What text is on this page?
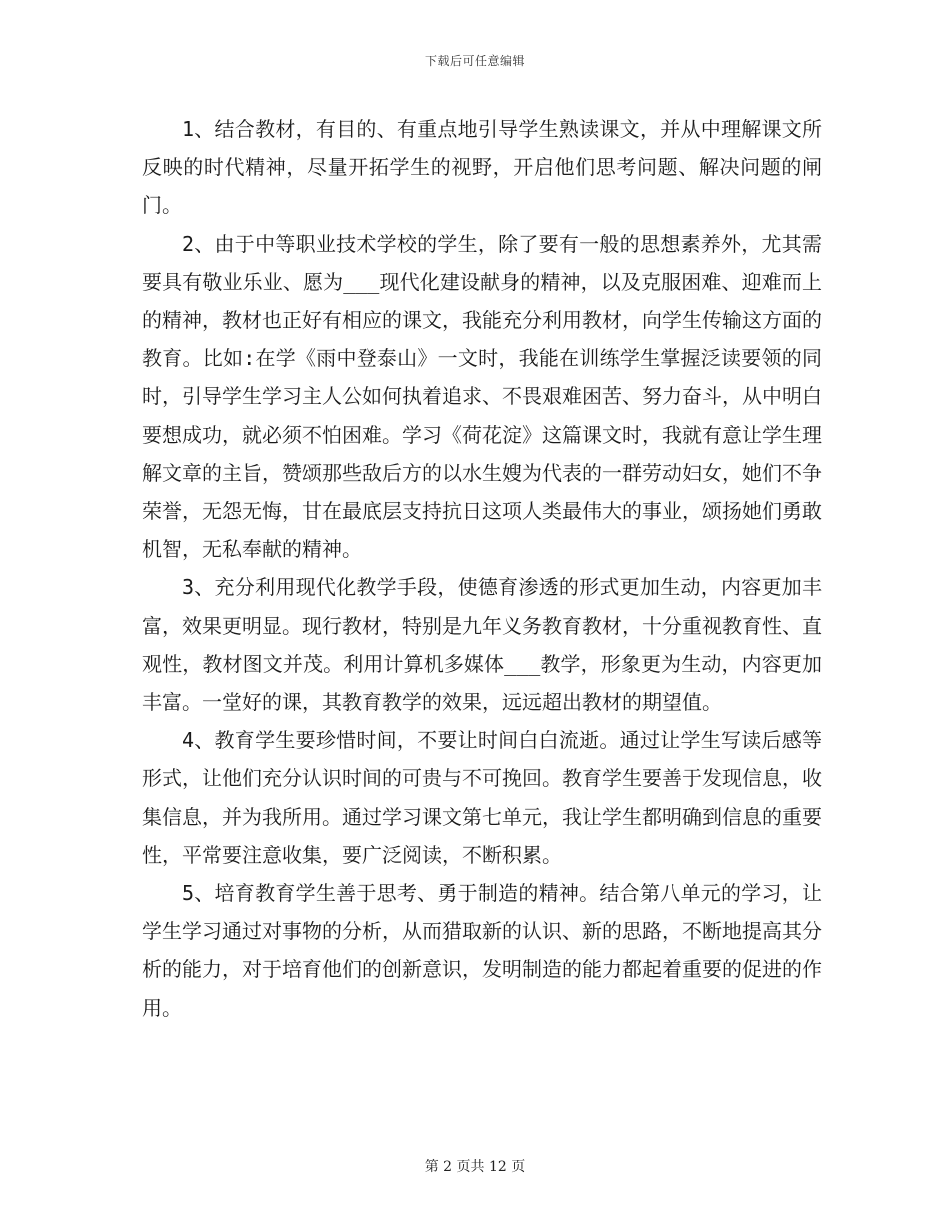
下载后可任意编辑

1、结合教材，有目的、有重点地引导学生熟读课文，并从中理解课文所反映的时代精神，尽量开拓学生的视野，开启他们思考问题、解决问题的闸门。

2、由于中等职业技术学校的学生，除了要有一般的思想素养外，尤其需要具有敬业乐业、愿为___现代化建设献身的精神，以及克服困难、迎难而上的精神，教材也正好有相应的课文，我能充分利用教材，向学生传输这方面的教育。比如:在学《雨中登泰山》一文时，我能在训练学生掌握泛读要领的同时，引导学生学习主人公如何执着追求、不畏艰难困苦、努力奋斗，从中明白要想成功，就必须不怕困难。学习《荷花淀》这篇课文时，我就有意让学生理解文章的主旨，赞颂那些敌后方的以水生嫂为代表的一群劳动妇女，她们不争荣誉，无怨无悔，甘在最底层支持抗日这项人类最伟大的事业，颂扬她们勇敢机智，无私奉献的精神。

3、充分利用现代化教学手段，使德育渗透的形式更加生动，内容更加丰富，效果更明显。现行教材，特别是九年义务教育教材，十分重视教育性、直观性，教材图文并茂。利用计算机多媒体___教学，形象更为生动，内容更加丰富。一堂好的课，其教育教学的效果，远远超出教材的期望值。

4、教育学生要珍惜时间，不要让时间白白流逝。通过让学生写读后感等形式，让他们充分认识时间的可贵与不可挽回。教育学生要善于发现信息，收集信息，并为我所用。通过学习课文第七单元，我让学生都明确到信息的重要性，平常要注意收集，要广泛阅读，不断积累。

5、培育教育学生善于思考、勇于制造的精神。结合第八单元的学习，让学生学习通过对事物的分析，从而猎取新的认识、新的思路，不断地提高其分析的能力，对于培育他们的创新意识，发明制造的能力都起着重要的促进的作用。

第 2 页共 12 页
